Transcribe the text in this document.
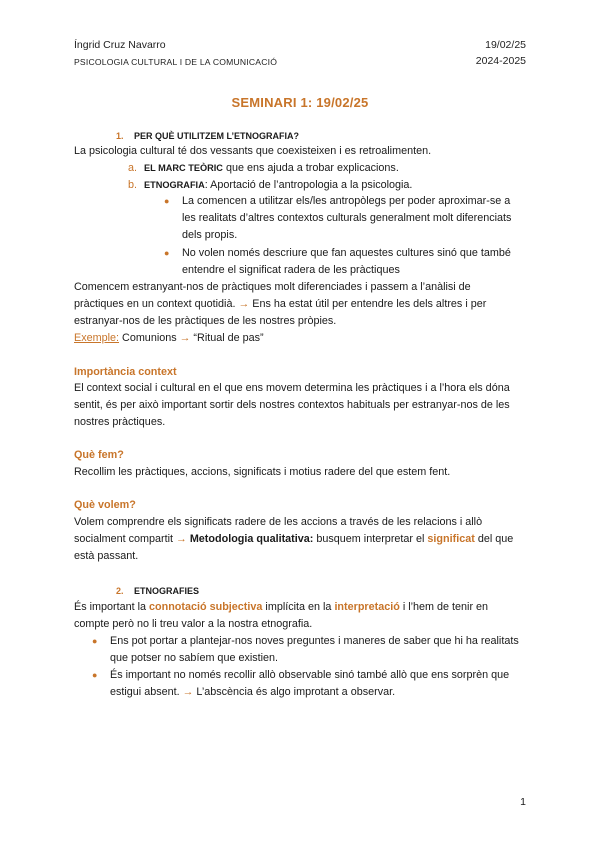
Íngrid Cruz Navarro	19/02/25
PSICOLOGIA CULTURAL I DE LA COMUNICACIÓ	2024-2025
SEMINARI 1: 19/02/25
1. PER QUÈ UTILITZEM L’ETNOGRAFIA?
La psicologia cultural té dos vessants que coexisteixen i es retroalimenten.
a. EL MARC TEÒRIC que ens ajuda a trobar explicacions.
b. ETNOGRAFIA: Aportació de l’antropologia a la psicologia.
● La comencen a utilitzar els/les antropòlegs per poder aproximar-se a
les realitats d’altres contextos culturals generalment molt diferenciats
dels propis.
● No volen només descriure que fan aquestes cultures sinó que també
entendre el significat radera de les pràctiques
Comencem estranyant-nos de pràctiques molt diferenciades i passem a l’anàlisi de
pràctiques en un context quotidià. → Ens ha estat útil per entendre les dels altres i per
estranyar-nos de les pràctiques de les nostres pròpies.
Exemple: Comunions → “Ritual de pas”
Importància context
El context social i cultural en el que ens movem determina les pràctiques i a l’hora els dóna
sentit, és per això important sortir dels nostres contextos habituals per estranyar-nos de les
nostres pràctiques.
Què fem?
Recollim les pràctiques, accions, significats i motius radere del que estem fent.
Què volem?
Volem comprendre els significats radere de les accions a través de les relacions i allò
socialment compartit → Metodologia qualitativa: busquem interpretar el significat del que
està passant.
2. ETNOGRAFIES
És important la connotació subjectiva implícita en la interpretació i l’hem de tenir en
compte però no li treu valor a la nostra etnografia.
● Ens pot portar a plantejar-nos noves preguntes i maneres de saber que hi ha realitats
que potser no sabíem que existien.
● És important no només recollir allò observable sinó també allò que ens sorprèn que
estigui absent. → L’abscència és algo improtant a observar.
1
